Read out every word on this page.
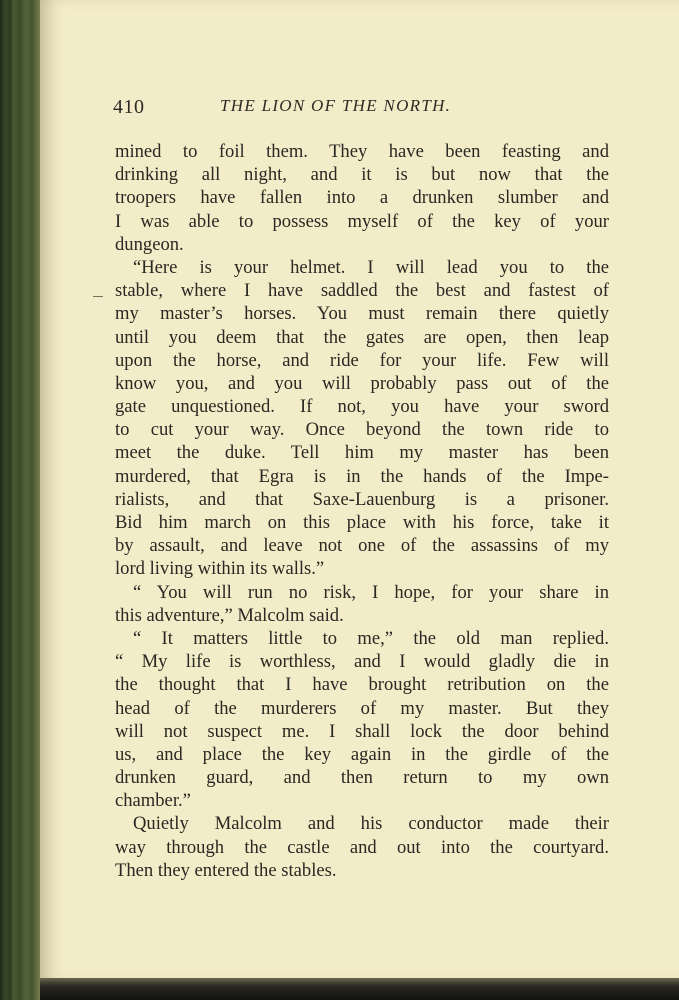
410	THE LION OF THE NORTH.
mined to foil them. They have been feasting and
drinking all night, and it is but now that the
troopers have fallen into a drunken slumber and
I was able to possess myself of the key of your
dungeon.
“Here is your helmet. I will lead you to the
stable, where I have saddled the best and fastest of
my master’s horses. You must remain there quietly
until you deem that the gates are open, then leap
upon the horse, and ride for your life. Few will
know you, and you will probably pass out of the
gate unquestioned. If not, you have your sword
to cut your way. Once beyond the town ride to
meet the duke. Tell him my master has been
murdered, that Egra is in the hands of the Impe-
rialists, and that Saxe-Lauenburg is a prisoner.
Bid him march on this place with his force, take it
by assault, and leave not one of the assassins of my
lord living within its walls.”
“ You will run no risk, I hope, for your share in
this adventure,” Malcolm said.
“ It matters little to me,” the old man replied.
“ My life is worthless, and I would gladly die in
the thought that I have brought retribution on the
head of the murderers of my master. But they
will not suspect me. I shall lock the door behind
us, and place the key again in the girdle of the
drunken guard, and then return to my own
chamber.”
Quietly Malcolm and his conductor made their
way through the castle and out into the courtyard.
Then they entered the stables.
